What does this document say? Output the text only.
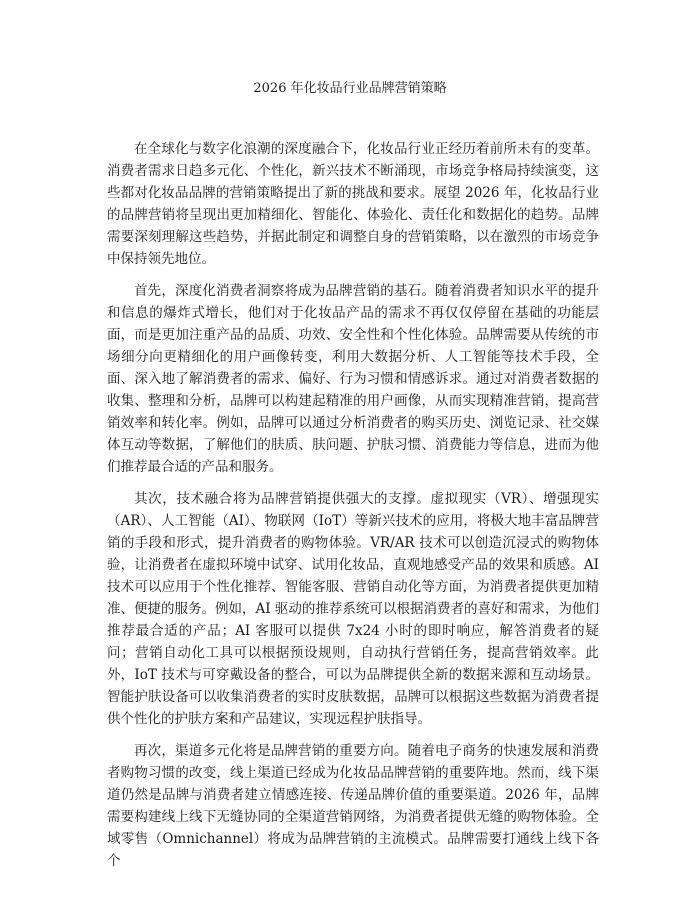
2026 年化妆品行业品牌营销策略

在全球化与数字化浪潮的深度融合下，化妆品行业正经历着前所未有的变革。消费者需求日趋多元化、个性化，新兴技术不断涌现，市场竞争格局持续演变，这些都对化妆品品牌的营销策略提出了新的挑战和要求。展望 2026 年，化妆品行业的品牌营销将呈现出更加精细化、智能化、体验化、责任化和数据化的趋势。品牌需要深刻理解这些趋势，并据此制定和调整自身的营销策略，以在激烈的市场竞争中保持领先地位。

首先，深度化消费者洞察将成为品牌营销的基石。随着消费者知识水平的提升和信息的爆炸式增长，他们对于化妆品产品的需求不再仅仅停留在基础的功能层面，而是更加注重产品的品质、功效、安全性和个性化体验。品牌需要从传统的市场细分向更精细化的用户画像转变，利用大数据分析、人工智能等技术手段，全面、深入地了解消费者的需求、偏好、行为习惯和情感诉求。通过对消费者数据的收集、整理和分析，品牌可以构建起精准的用户画像，从而实现精准营销，提高营销效率和转化率。例如，品牌可以通过分析消费者的购买历史、浏览记录、社交媒体互动等数据，了解他们的肤质、肤问题、护肤习惯、消费能力等信息，进而为他们推荐最合适的产品和服务。

其次，技术融合将为品牌营销提供强大的支撑。虚拟现实（VR）、增强现实（AR）、人工智能（AI）、物联网（IoT）等新兴技术的应用，将极大地丰富品牌营销的手段和形式，提升消费者的购物体验。VR/AR 技术可以创造沉浸式的购物体验，让消费者在虚拟环境中试穿、试用化妆品，直观地感受产品的效果和质感。AI 技术可以应用于个性化推荐、智能客服、营销自动化等方面，为消费者提供更加精准、便捷的服务。例如，AI 驱动的推荐系统可以根据消费者的喜好和需求，为他们推荐最合适的产品；AI 客服可以提供 7x24 小时的即时响应，解答消费者的疑问；营销自动化工具可以根据预设规则，自动执行营销任务，提高营销效率。此外，IoT 技术与可穿戴设备的整合，可以为品牌提供全新的数据来源和互动场景。智能护肤设备可以收集消费者的实时皮肤数据，品牌可以根据这些数据为消费者提供个性化的护肤方案和产品建议，实现远程护肤指导。

再次，渠道多元化将是品牌营销的重要方向。随着电子商务的快速发展和消费者购物习惯的改变，线上渠道已经成为化妆品品牌营销的重要阵地。然而，线下渠道仍然是品牌与消费者建立情感连接、传递品牌价值的重要渠道。2026 年，品牌需要构建线上线下无缝协同的全渠道营销网络，为消费者提供无缝的购物体验。全域零售（Omnichannel）将成为品牌营销的主流模式。品牌需要打通线上线下各个
